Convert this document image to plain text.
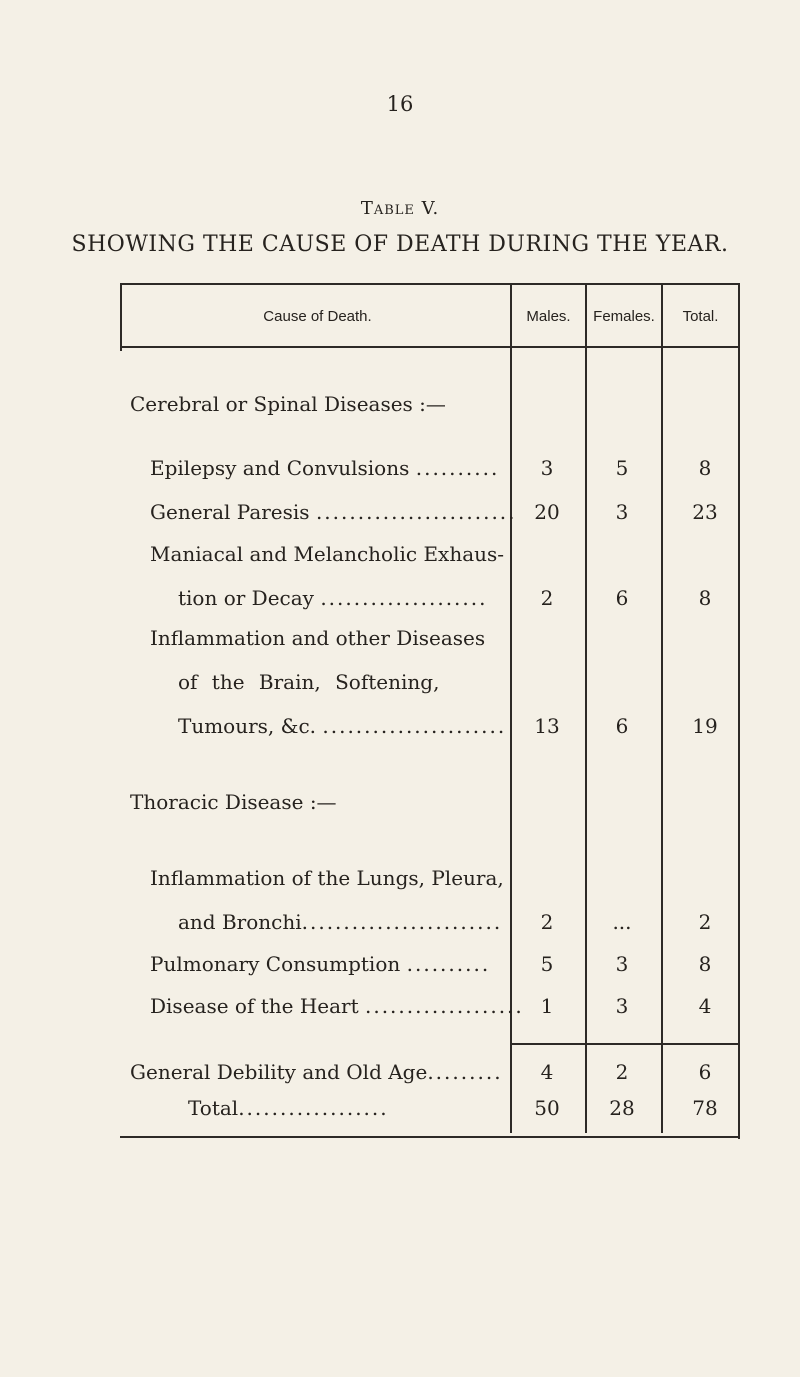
16
Table V.
SHOWING THE CAUSE OF DEATH DURING THE YEAR.
Cause of Death.	Males.	Females.	Total.
Cerebral or Spinal Diseases :—
Epilepsy and Convulsions ..........	3	5	8
General Paresis ........................ 20	3	23
Maniacal and Melancholic Exhaus-
tion or Decay ....................	2	6	8
Inflammation and other Diseases
of the Brain, Softening,
Tumours, &c. ......................	13	6	19
Thoracic Disease :—
Inflammation of the Lungs, Pleura,
and Bronchi........................	2	...	2
Pulmonary Consumption ..........	5	3	8
Disease of the Heart ................... 1	3	4
General Debility and Old Age.........	4	2	6
Total..................	50	28	78
